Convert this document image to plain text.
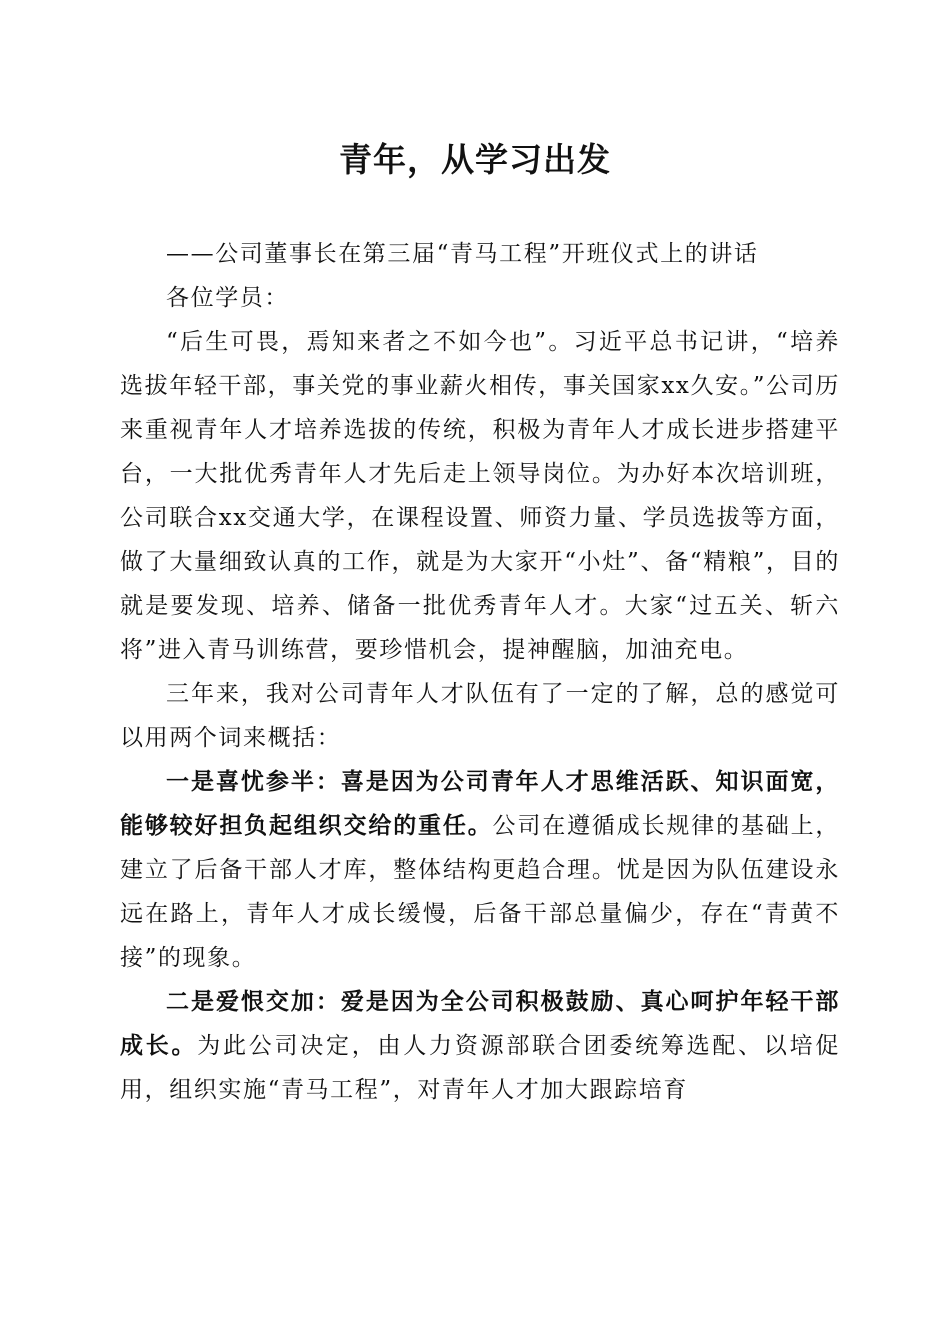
青年，从学习出发

——公司董事长在第三届“青马工程”开班仪式上的讲话

各位学员：

“后生可畏，焉知来者之不如今也”。习近平总书记讲，“培养选拔年轻干部，事关党的事业薪火相传，事关国家xx久安。”公司历来重视青年人才培养选拔的传统，积极为青年人才成长进步搭建平台，一大批优秀青年人才先后走上领导岗位。为办好本次培训班，公司联合xx交通大学，在课程设置、师资力量、学员选拔等方面，做了大量细致认真的工作，就是为大家开“小灶”、备“精粮”，目的就是要发现、培养、储备一批优秀青年人才。大家“过五关、斩六将”进入青马训练营，要珍惜机会，提神醒脑，加油充电。

三年来，我对公司青年人才队伍有了一定的了解，总的感觉可以用两个词来概括：

一是喜忧参半：喜是因为公司青年人才思维活跃、知识面宽，能够较好担负起组织交给的重任。公司在遵循成长规律的基础上，建立了后备干部人才库，整体结构更趋合理。忧是因为队伍建设永远在路上，青年人才成长缓慢，后备干部总量偏少，存在“青黄不接”的现象。

二是爱恨交加：爱是因为全公司积极鼓励、真心呵护年轻干部成长。为此公司决定，由人力资源部联合团委统筹选配、以培促用，组织实施“青马工程”，对青年人才加大跟踪培育
